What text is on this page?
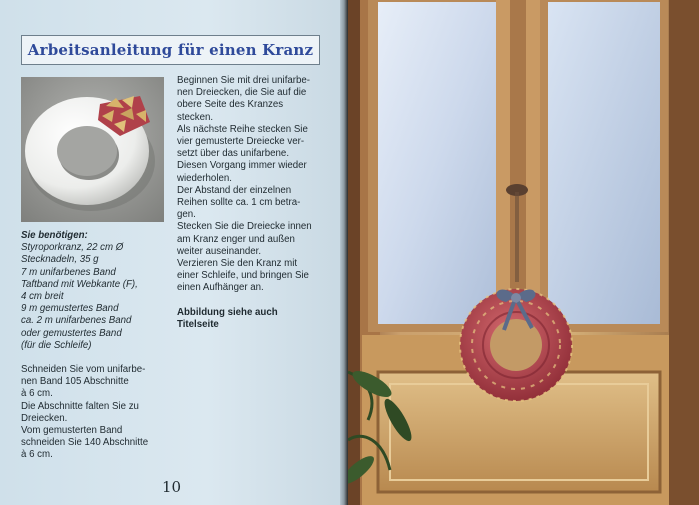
Arbeitsanleitung für einen Kranz
Sie benötigen:
Styroporkranz, 22 cm Ø
Stecknadeln, 35 g
7 m unifarbenes Band
Taftband mit Webkante (F),
4 cm breit
9 m gemustertes Band
ca. 2 m unifarbenes Band
oder gemustertes Band
(für die Schleife)
Schneiden Sie vom unifarbe-
nen Band 105 Abschnitte
à 6 cm.
Die Abschnitte falten Sie zu
Dreiecken.
Vom gemusterten Band
schneiden Sie 140 Abschnitte
à 6 cm.
Beginnen Sie mit drei unifarbe-
nen Dreiecken, die Sie auf die
obere Seite des Kranzes
stecken.
Als nächste Reihe stecken Sie
vier gemusterte Dreiecke ver-
setzt über das unifarbene.
Diesen Vorgang immer wieder
wiederholen.
Der Abstand der einzelnen
Reihen sollte ca. 1 cm betra-
gen.
Stecken Sie die Dreiecke innen
am Kranz enger und außen
weiter auseinander.
Verzieren Sie den Kranz mit
einer Schleife, und bringen Sie
einen Aufhänger an.
Abbildung siehe auch
Titelseite
10
